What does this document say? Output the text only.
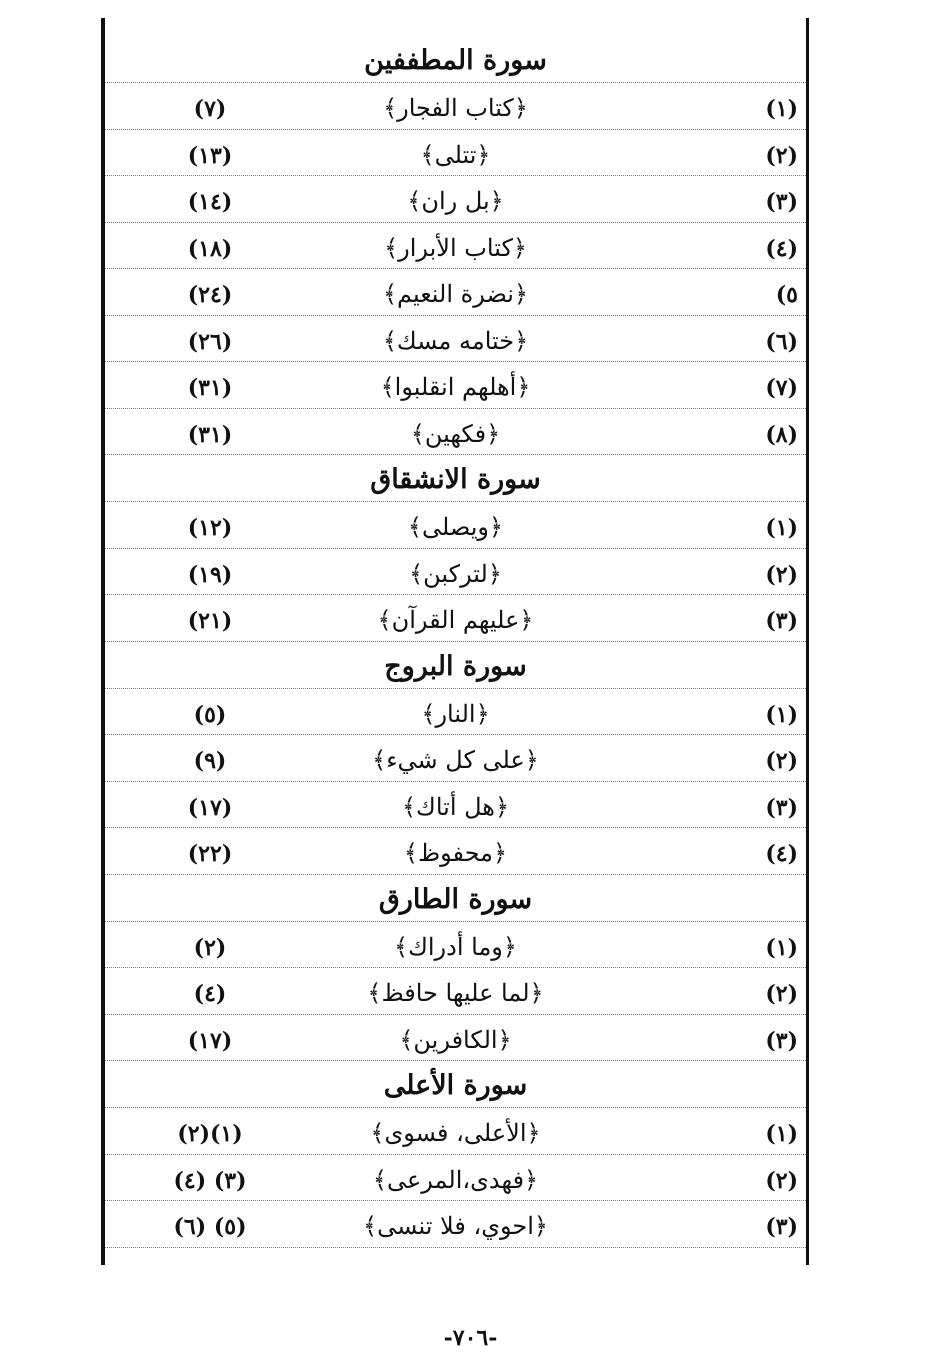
سورة المطففين
(١)
﴿كتاب الفجار﴾
(٧)
(٢)
﴿تتلى﴾
(١٣)
(٣)
﴿بل ران﴾
(١٤)
(٤)
﴿كتاب الأبرار﴾
(١٨)
٥)
﴿نضرة النعيم﴾
(٢٤)
(٦)
﴿ختامه مسك﴾
(٢٦)
(٧)
﴿أهلهم انقلبوا﴾
(٣١)
(٨)
﴿فكهين﴾
(٣١)
سورة الانشقاق
(١)
﴿ويصلى﴾
(١٢)
(٢)
﴿لتركبن﴾
(١٩)
(٣)
﴿عليهم القرآن﴾
(٢١)
سورة البروج
(١)
﴿النار﴾
(٥)
(٢)
﴿على كل شيء﴾
(٩)
(٣)
﴿هل أتاك﴾
(١٧)
(٤)
﴿محفوظ﴾
(٢٢)
سورة الطارق
(١)
﴿وما أدراك﴾
(٢)
(٢)
﴿لما عليها حافظ﴾
(٤)
(٣)
﴿الكافرين﴾
(١٧)
سورة الأعلى
(١)
﴿الأعلى، فسوى﴾
(١)(٢)
(٢)
﴿فهدى،المرعى﴾
(٣) (٤)
(٣)
﴿احوي، فلا تنسى﴾
(٥) (٦)
-٧٠٦-
